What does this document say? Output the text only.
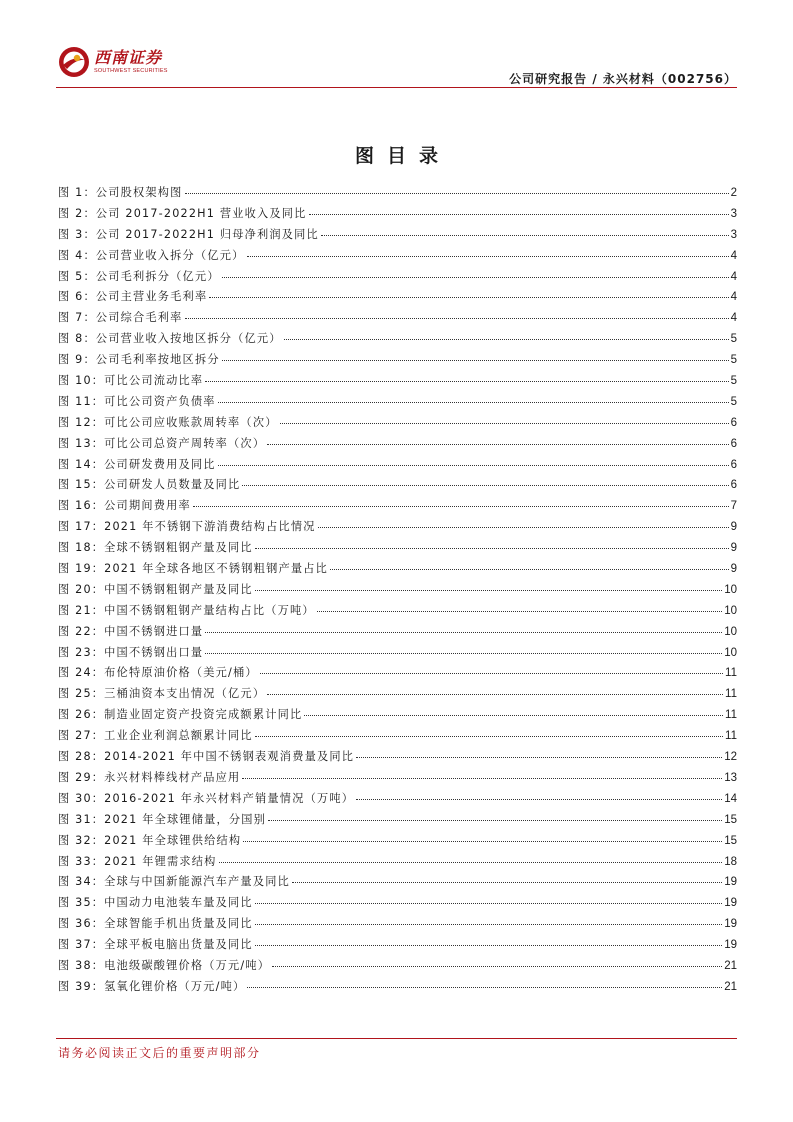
西南证券
SOUTHWEST SECURITIES
公司研究报告 / 永兴材料（002756）
图目录
图 1：公司股权架构图	2
图 2：公司 2017-2022H1 营业收入及同比	3
图 3：公司 2017-2022H1 归母净利润及同比	3
图 4：公司营业收入拆分（亿元）	4
图 5：公司毛利拆分（亿元）	4
图 6：公司主营业务毛利率	4
图 7：公司综合毛利率	4
图 8：公司营业收入按地区拆分（亿元）	5
图 9：公司毛利率按地区拆分	5
图 10：可比公司流动比率	5
图 11：可比公司资产负债率	5
图 12：可比公司应收账款周转率（次）	6
图 13：可比公司总资产周转率（次）	6
图 14：公司研发费用及同比	6
图 15：公司研发人员数量及同比	6
图 16：公司期间费用率	7
图 17：2021 年不锈钢下游消费结构占比情况	9
图 18：全球不锈钢粗钢产量及同比	9
图 19：2021 年全球各地区不锈钢粗钢产量占比	9
图 20：中国不锈钢粗钢产量及同比	10
图 21：中国不锈钢粗钢产量结构占比（万吨）	10
图 22：中国不锈钢进口量	10
图 23：中国不锈钢出口量	10
图 24：布伦特原油价格（美元/桶）	11
图 25：三桶油资本支出情况（亿元）	11
图 26：制造业固定资产投资完成额累计同比	11
图 27：工业企业利润总额累计同比	11
图 28：2014-2021 年中国不锈钢表观消费量及同比	12
图 29：永兴材料棒线材产品应用	13
图 30：2016-2021 年永兴材料产销量情况（万吨）	14
图 31：2021 年全球锂储量，分国别	15
图 32：2021 年全球锂供给结构	15
图 33：2021 年锂需求结构	18
图 34：全球与中国新能源汽车产量及同比	19
图 35：中国动力电池装车量及同比	19
图 36：全球智能手机出货量及同比	19
图 37：全球平板电脑出货量及同比	19
图 38：电池级碳酸锂价格（万元/吨）	21
图 39：氢氧化锂价格（万元/吨）	21
请务必阅读正文后的重要声明部分
